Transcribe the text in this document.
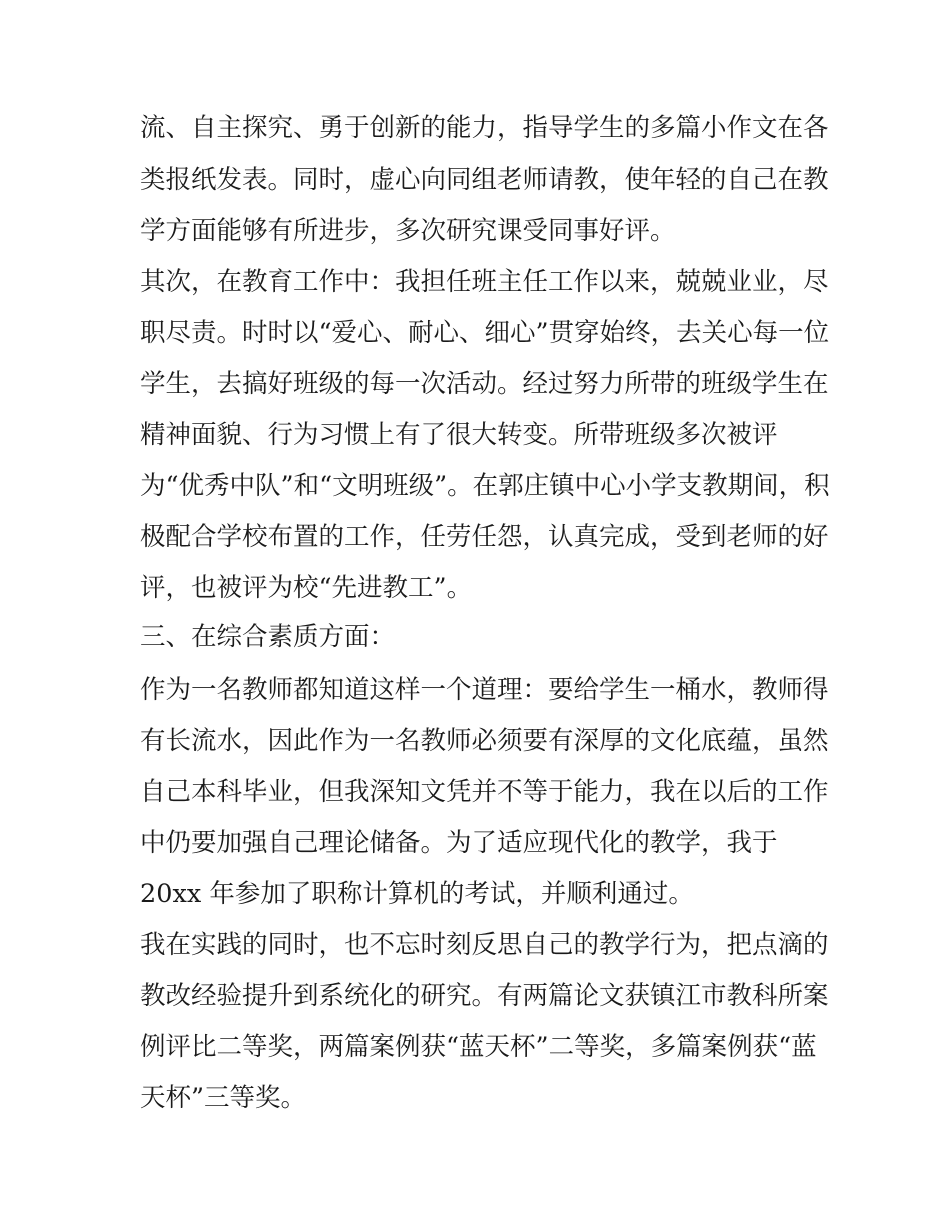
流、自主探究、勇于创新的能力，指导学生的多篇小作文在各

类报纸发表。同时，虚心向同组老师请教，使年轻的自己在教

学方面能够有所进步，多次研究课受同事好评。

其次，在教育工作中：我担任班主任工作以来，兢兢业业，尽

职尽责。时时以“爱心、耐心、细心”贯穿始终，去关心每一位

学生，去搞好班级的每一次活动。经过努力所带的班级学生在

精神面貌、行为习惯上有了很大转变。所带班级多次被评

为“优秀中队”和“文明班级”。在郭庄镇中心小学支教期间，积

极配合学校布置的工作，任劳任怨，认真完成，受到老师的好

评，也被评为校“先进教工”。

三、在综合素质方面：

作为一名教师都知道这样一个道理：要给学生一桶水，教师得

有长流水，因此作为一名教师必须要有深厚的文化底蕴，虽然

自己本科毕业，但我深知文凭并不等于能力，我在以后的工作

中仍要加强自己理论储备。为了适应现代化的教学，我于

20xx 年参加了职称计算机的考试，并顺利通过。

我在实践的同时，也不忘时刻反思自己的教学行为，把点滴的

教改经验提升到系统化的研究。有两篇论文获镇江市教科所案

例评比二等奖，两篇案例获“蓝天杯”二等奖，多篇案例获“蓝

天杯”三等奖。
